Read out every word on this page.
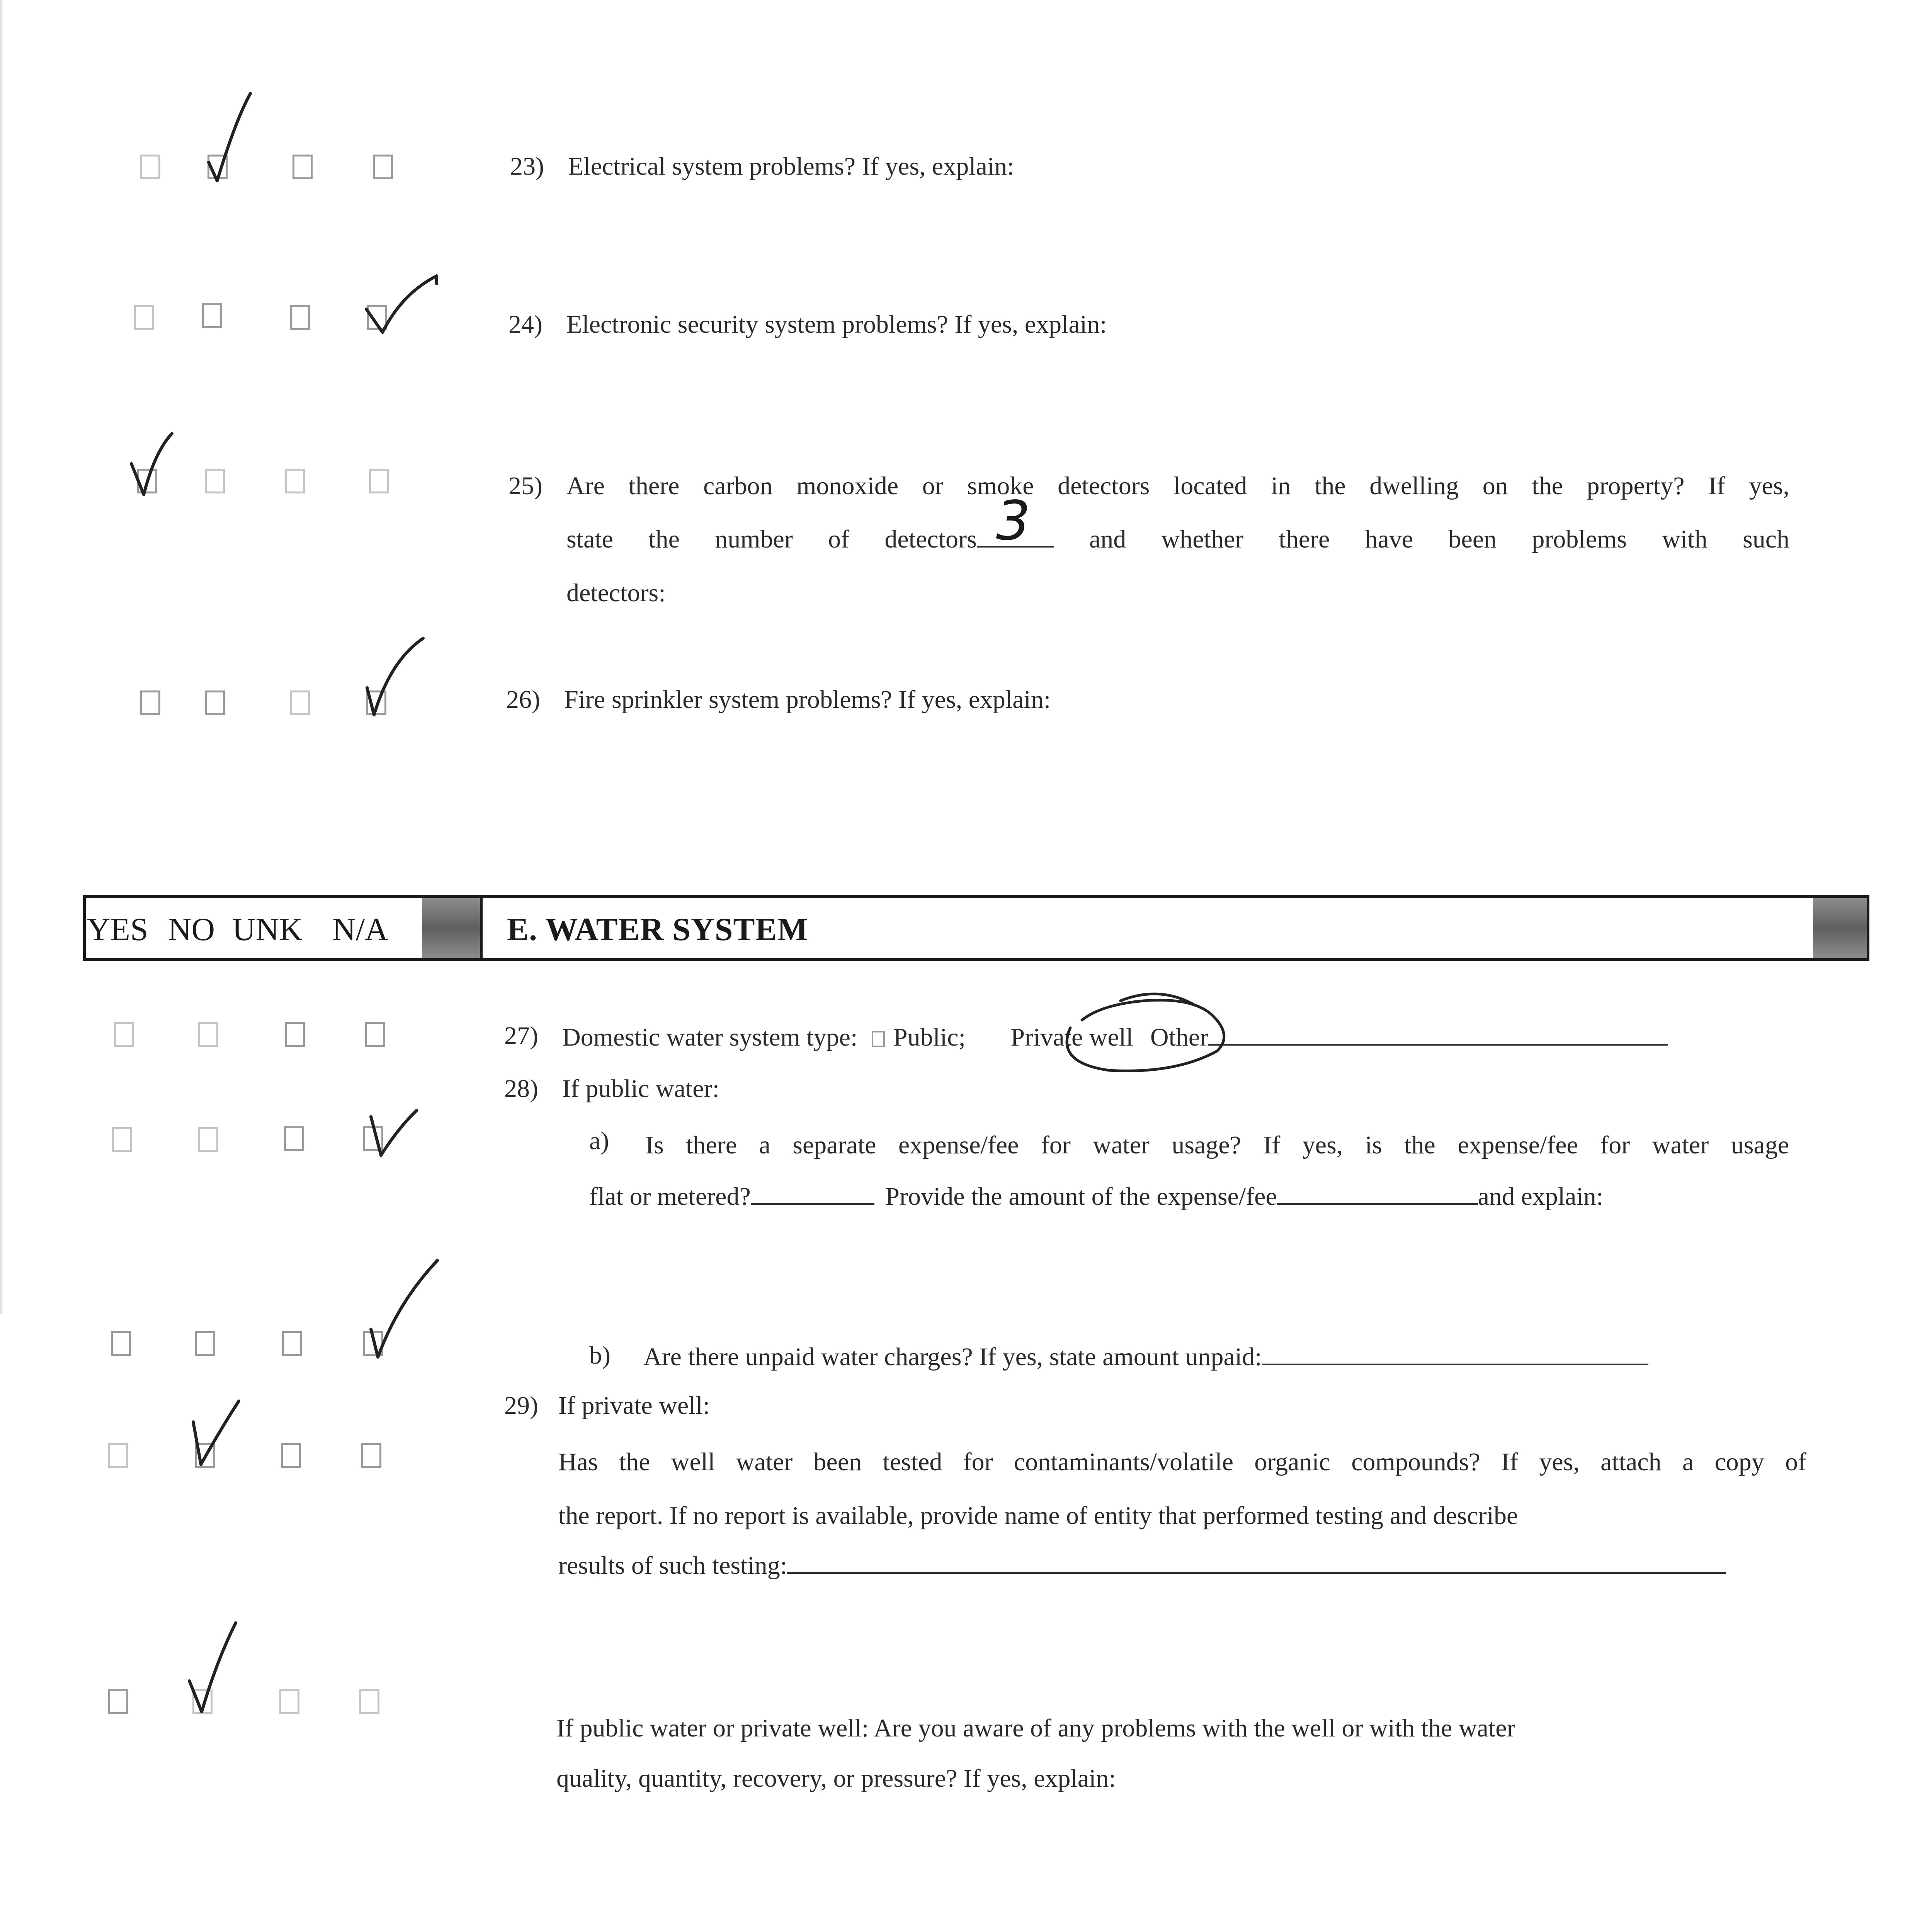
23) Electrical system problems? If yes, explain:
24) Electronic security system problems? If yes, explain:
25) Are there carbon monoxide or smoke detectors located in the dwelling on the property? If yes,
state the number of detectors 3 and whether there have been problems with such
detectors:
26) Fire sprinkler system problems? If yes, explain:
YES NO UNK N/A	E. WATER SYSTEM
27) Domestic water system type: Public; Private well Other
28) If public water:
a) Is there a separate expense/fee for water usage? If yes, is the expense/fee for water usage
flat or metered?	Provide the amount of the expense/fee	and explain:
b) Are there unpaid water charges? If yes, state amount unpaid:
29) If private well:
Has the well water been tested for contaminants/volatile organic compounds? If yes, attach a copy of
the report. If no report is available, provide name of entity that performed testing and describe
results of such testing:
If public water or private well: Are you aware of any problems with the well or with the water
quality, quantity, recovery, or pressure? If yes, explain:
